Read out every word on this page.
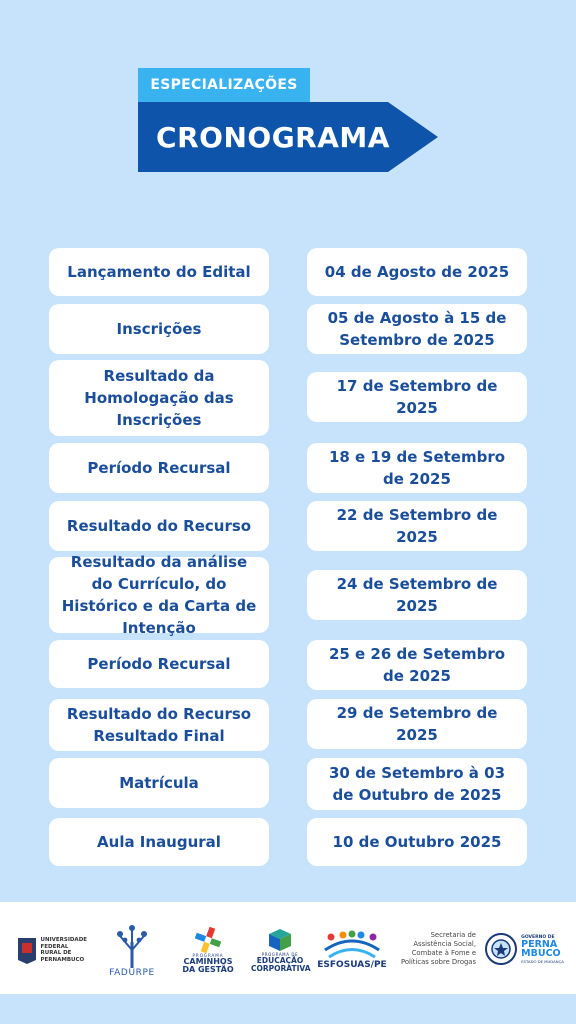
ESPECIALIZAÇÕES
CRONOGRAMA
Lançamento do Edital	04 de Agosto de 2025
Inscrições
05 de Agosto à 15 de Setembro de 2025
Resultado da Homologação das Inscrições
17 de Setembro de 2025
Período Recursal
18 e 19 de Setembro de 2025
Resultado do Recurso
22 de Setembro de 2025
Resultado da análise do Currículo, do Histórico e da Carta de Intenção
24 de Setembro de 2025
Período Recursal
25 e 26 de Setembro de 2025
Resultado do Recurso Resultado Final
29 de Setembro de 2025
Matrícula
30 de Setembro à 03 de Outubro de 2025
Aula Inaugural	10 de Outubro 2025
UNIVERSIDADE FEDERAL RURAL DE PERNAMBUCO
FADURPE
PROGRAMA
CAMINHOS DA GESTÃO
PROGRAMA DE
EDUCAÇÃO CORPORATIVA ESFOSUAS/PE
Secretaria de Assistência Social, Combate à Fome e Políticas sobre Drogas
GOVERNO DE
PERNAMBUCO
ESTADO DE MUDANÇA
